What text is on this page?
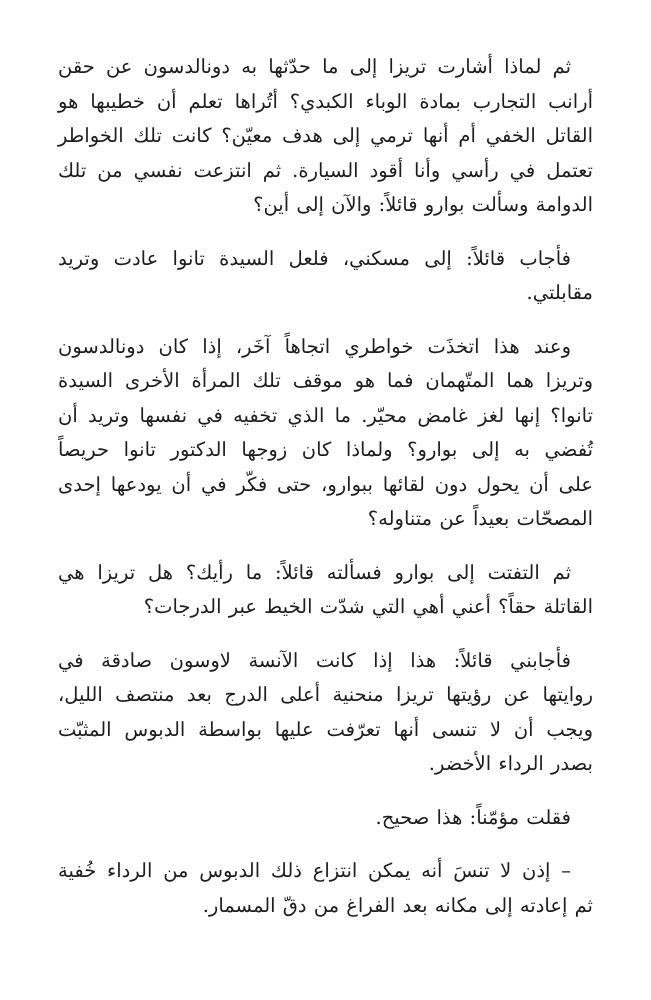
ثم لماذا أشارت تريزا إلى ما حدّثها به دونالدسون عن حقن
أرانب التجارب بمادة الوباء الكبدي؟ أتُراها تعلم أن خطيبها هو
القاتل الخفي أم أنها ترمي إلى هدف معيّن؟ كانت تلك الخواطر
تعتمل في رأسي وأنا أقود السيارة. ثم انتزعت نفسي من تلك
الدوامة وسألت بوارو قائلاً: والآن إلى أين؟

فأجاب قائلاً: إلى مسكني، فلعل السيدة تانوا عادت وتريد
مقابلتي.

وعند هذا اتخذَت خواطري اتجاهاً آخَر، إذا كان دونالدسون
وتريزا هما المتّهمان فما هو موقف تلك المرأة الأخرى السيدة
تانوا؟ إنها لغز غامض محيّر. ما الذي تخفيه في نفسها وتريد أن
تُفضي به إلى بوارو؟ ولماذا كان زوجها الدكتور تانوا حريصاً
على أن يحول دون لقائها ببوارو، حتى فكّر في أن يودعها إحدى
المصحّات بعيداً عن متناوله؟

ثم التفتت إلى بوارو فسألته قائلاً: ما رأيك؟ هل تريزا هي
القاتلة حقاً؟ أعني أهي التي شدّت الخيط عبر الدرجات؟

فأجابني قائلاً: هذا إذا كانت الآنسة لاوسون صادقة في
روايتها عن رؤيتها تريزا منحنية أعلى الدرج بعد منتصف الليل،
ويجب أن لا تنسى أنها تعرّفت عليها بواسطة الدبوس المثبّت
بصدر الرداء الأخضر.

فقلت مؤمّناً: هذا صحيح.

– إذن لا تنسَ أنه يمكن انتزاع ذلك الدبوس من الرداء خُفية
ثم إعادته إلى مكانه بعد الفراغ من دقّ المسمار.
